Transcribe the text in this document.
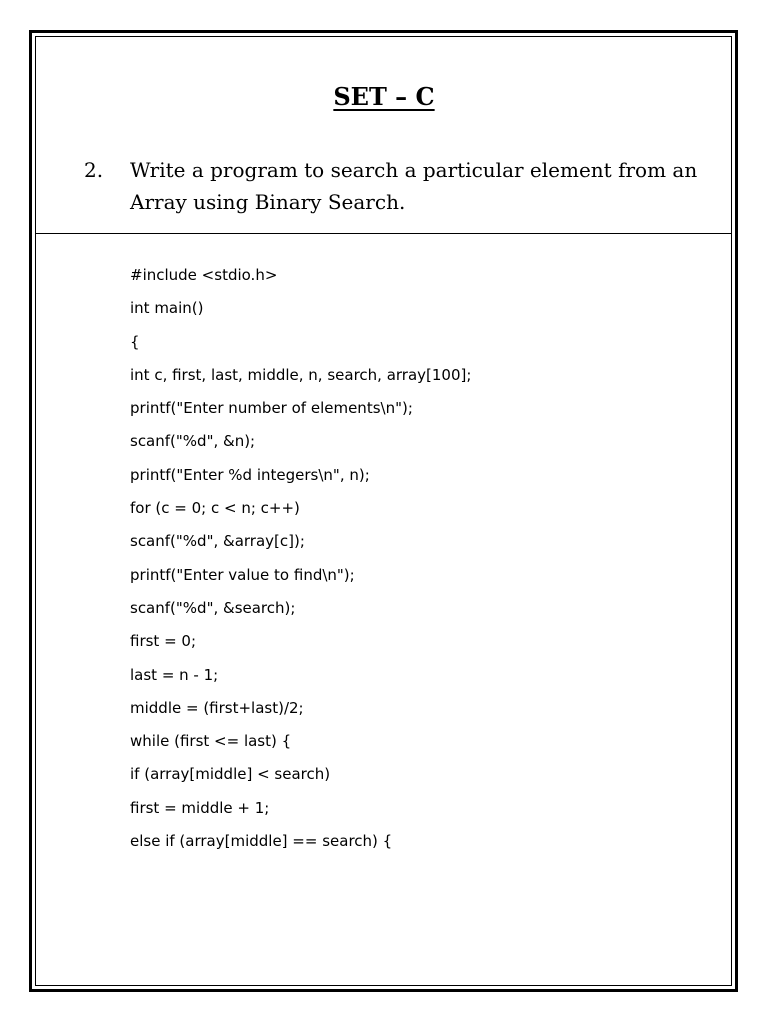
SET – C
2. Write a program to search a particular element from an Array using Binary Search.
#include <stdio.h>
int main()
{
int c, first, last, middle, n, search, array[100];
printf("Enter number of elements\n");
scanf("%d", &n);
printf("Enter %d integers\n", n);
for (c = 0; c < n; c++)
scanf("%d", &array[c]);
printf("Enter value to find\n");
scanf("%d", &search);
first = 0;
last = n - 1;
middle = (first+last)/2;
while (first <= last) {
if (array[middle] < search)
first = middle + 1;
else if (array[middle] == search) {
